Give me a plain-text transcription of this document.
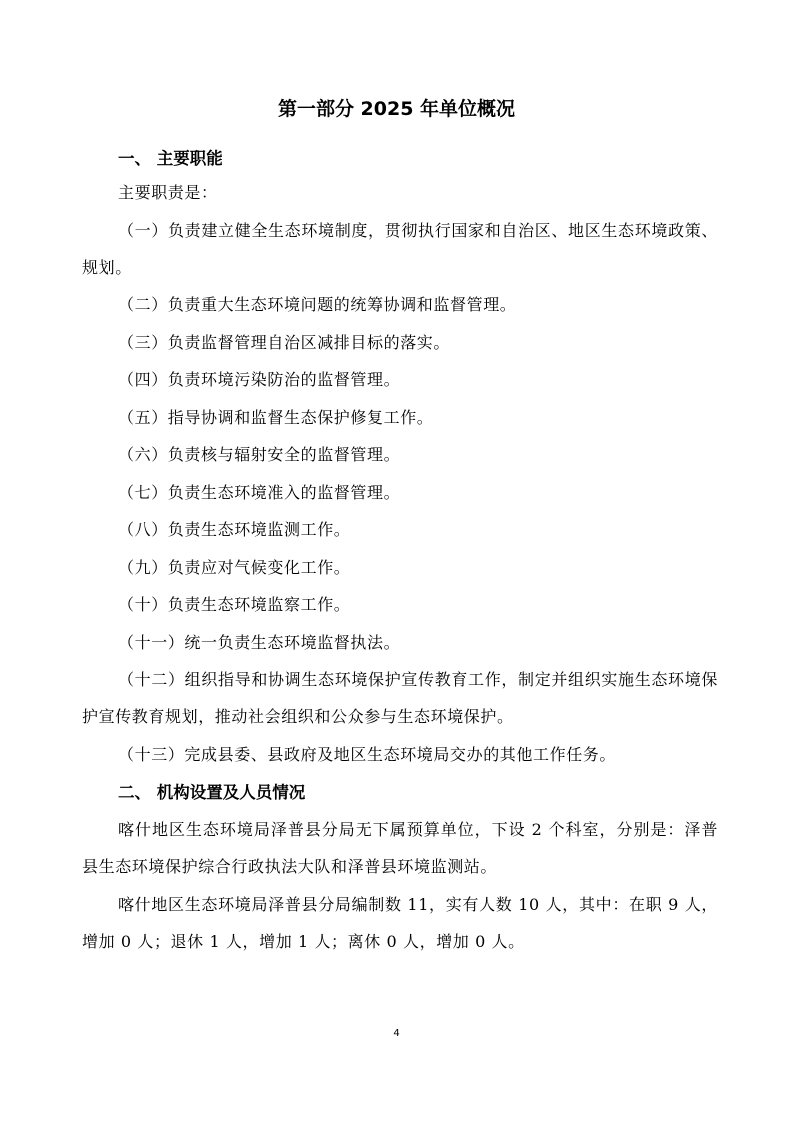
第一部分 2025 年单位概况
一、 主要职能
主要职责是：
（一）负责建立健全生态环境制度，贯彻执行国家和自治区、地区生态环境政策、规划。
（二）负责重大生态环境问题的统筹协调和监督管理。
（三）负责监督管理自治区减排目标的落实。
（四）负责环境污染防治的监督管理。
（五）指导协调和监督生态保护修复工作。
（六）负责核与辐射安全的监督管理。
（七）负责生态环境准入的监督管理。
（八）负责生态环境监测工作。
（九）负责应对气候变化工作。
（十）负责生态环境监察工作。
（十一）统一负责生态环境监督执法。
（十二）组织指导和协调生态环境保护宣传教育工作，制定并组织实施生态环境保护宣传教育规划，推动社会组织和公众参与生态环境保护。
（十三）完成县委、县政府及地区生态环境局交办的其他工作任务。
二、 机构设置及人员情况
喀什地区生态环境局泽普县分局无下属预算单位，下设 2 个科室，分别是：泽普县生态环境保护综合行政执法大队和泽普县环境监测站。
喀什地区生态环境局泽普县分局编制数 11，实有人数 10 人，其中：在职 9 人，增加 0 人；退休 1 人，增加 1 人；离休 0 人，增加 0 人。
4
